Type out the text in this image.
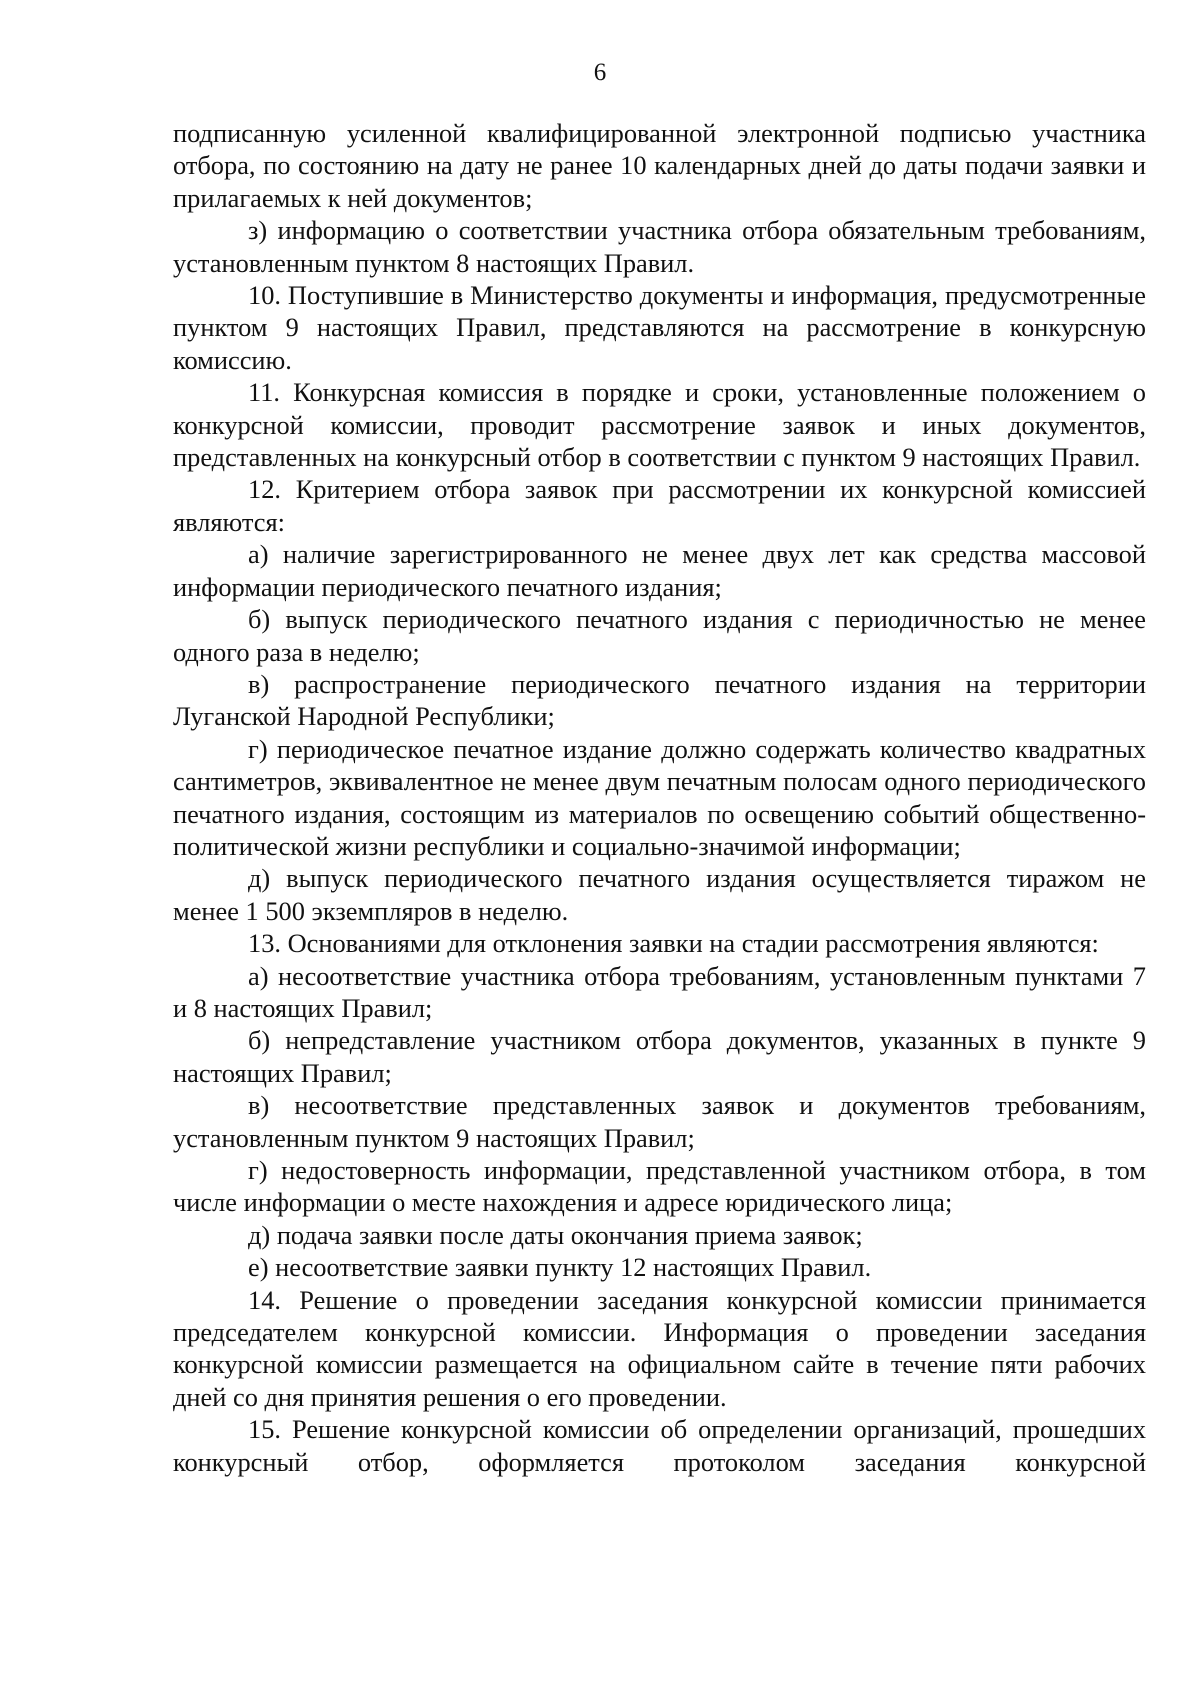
6

подписанную усиленной квалифицированной электронной подписью участника отбора, по состоянию на дату не ранее 10 календарных дней до даты подачи заявки и прилагаемых к ней документов;

з) информацию о соответствии участника отбора обязательным требованиям, установленным пунктом 8 настоящих Правил.

10. Поступившие в Министерство документы и информация, предусмотренные пунктом 9 настоящих Правил, представляются на рассмотрение в конкурсную комиссию.

11. Конкурсная комиссия в порядке и сроки, установленные положением о конкурсной комиссии, проводит рассмотрение заявок и иных документов, представленных на конкурсный отбор в соответствии с пунктом 9 настоящих Правил.

12. Критерием отбора заявок при рассмотрении их конкурсной комиссией являются:

а) наличие зарегистрированного не менее двух лет как средства массовой информации периодического печатного издания;

б) выпуск периодического печатного издания с периодичностью не менее одного раза в неделю;

в) распространение периодического печатного издания на территории Луганской Народной Республики;

г) периодическое печатное издание должно содержать количество квадратных сантиметров, эквивалентное не менее двум печатным полосам одного периодического печатного издания, состоящим из материалов по освещению событий общественно-политической жизни республики и социально-значимой информации;

д) выпуск периодического печатного издания осуществляется тиражом не менее 1 500 экземпляров в неделю.

13. Основаниями для отклонения заявки на стадии рассмотрения являются:

а) несоответствие участника отбора требованиям, установленным пунктами 7 и 8 настоящих Правил;

б) непредставление участником отбора документов, указанных в пункте 9 настоящих Правил;

в) несоответствие представленных заявок и документов требованиям, установленным пунктом 9 настоящих Правил;

г) недостоверность информации, представленной участником отбора, в том числе информации о месте нахождения и адресе юридического лица;

д) подача заявки после даты окончания приема заявок;

е) несоответствие заявки пункту 12 настоящих Правил.

14. Решение о проведении заседания конкурсной комиссии принимается председателем конкурсной комиссии. Информация о проведении заседания конкурсной комиссии размещается на официальном сайте в течение пяти рабочих дней со дня принятия решения о его проведении.

15. Решение конкурсной комиссии об определении организаций, прошедших конкурсный отбор, оформляется протоколом заседания конкурсной
